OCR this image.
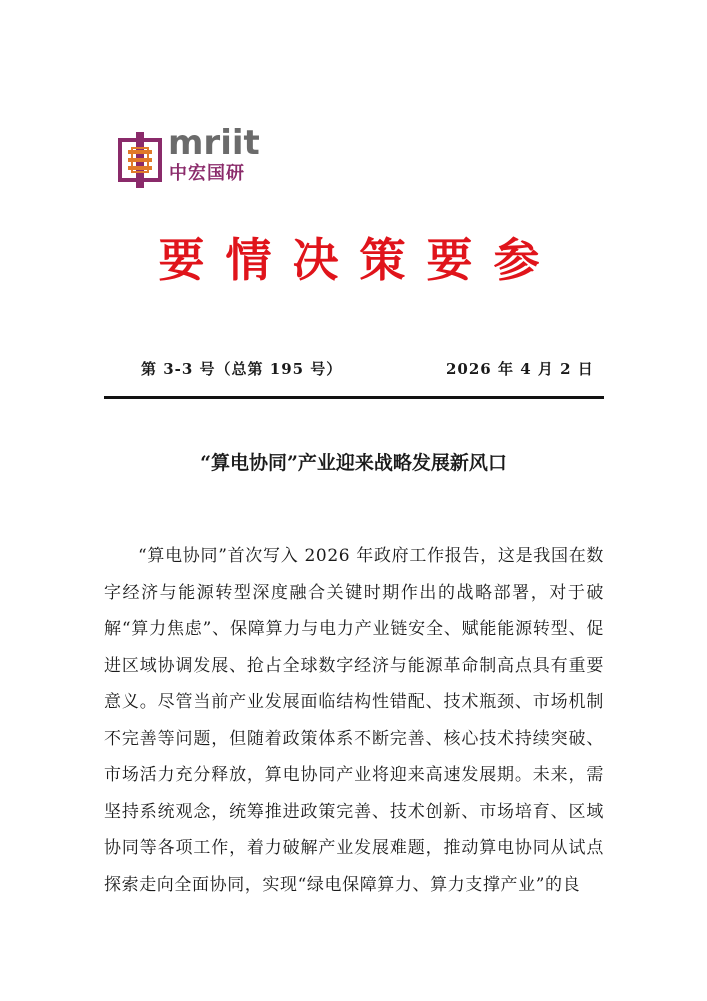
mriit
中宏国研
要情决策要参
第 3-3 号（总第 195 号）	2026 年 4 月 2 日
“算电协同”产业迎来战略发展新风口

“算电协同”首次写入 2026 年政府工作报告，这是我国在数字经济与能源转型深度融合关键时期作出的战略部署，对于破解“算力焦虑”、保障算力与电力产业链安全、赋能能源转型、促进区域协调发展、抢占全球数字经济与能源革命制高点具有重要意义。尽管当前产业发展面临结构性错配、技术瓶颈、市场机制不完善等问题，但随着政策体系不断完善、核心技术持续突破、市场活力充分释放，算电协同产业将迎来高速发展期。未来，需坚持系统观念，统筹推进政策完善、技术创新、市场培育、区域协同等各项工作，着力破解产业发展难题，推动算电协同从试点探索走向全面协同，实现“绿电保障算力、算力支撑产业”的良
